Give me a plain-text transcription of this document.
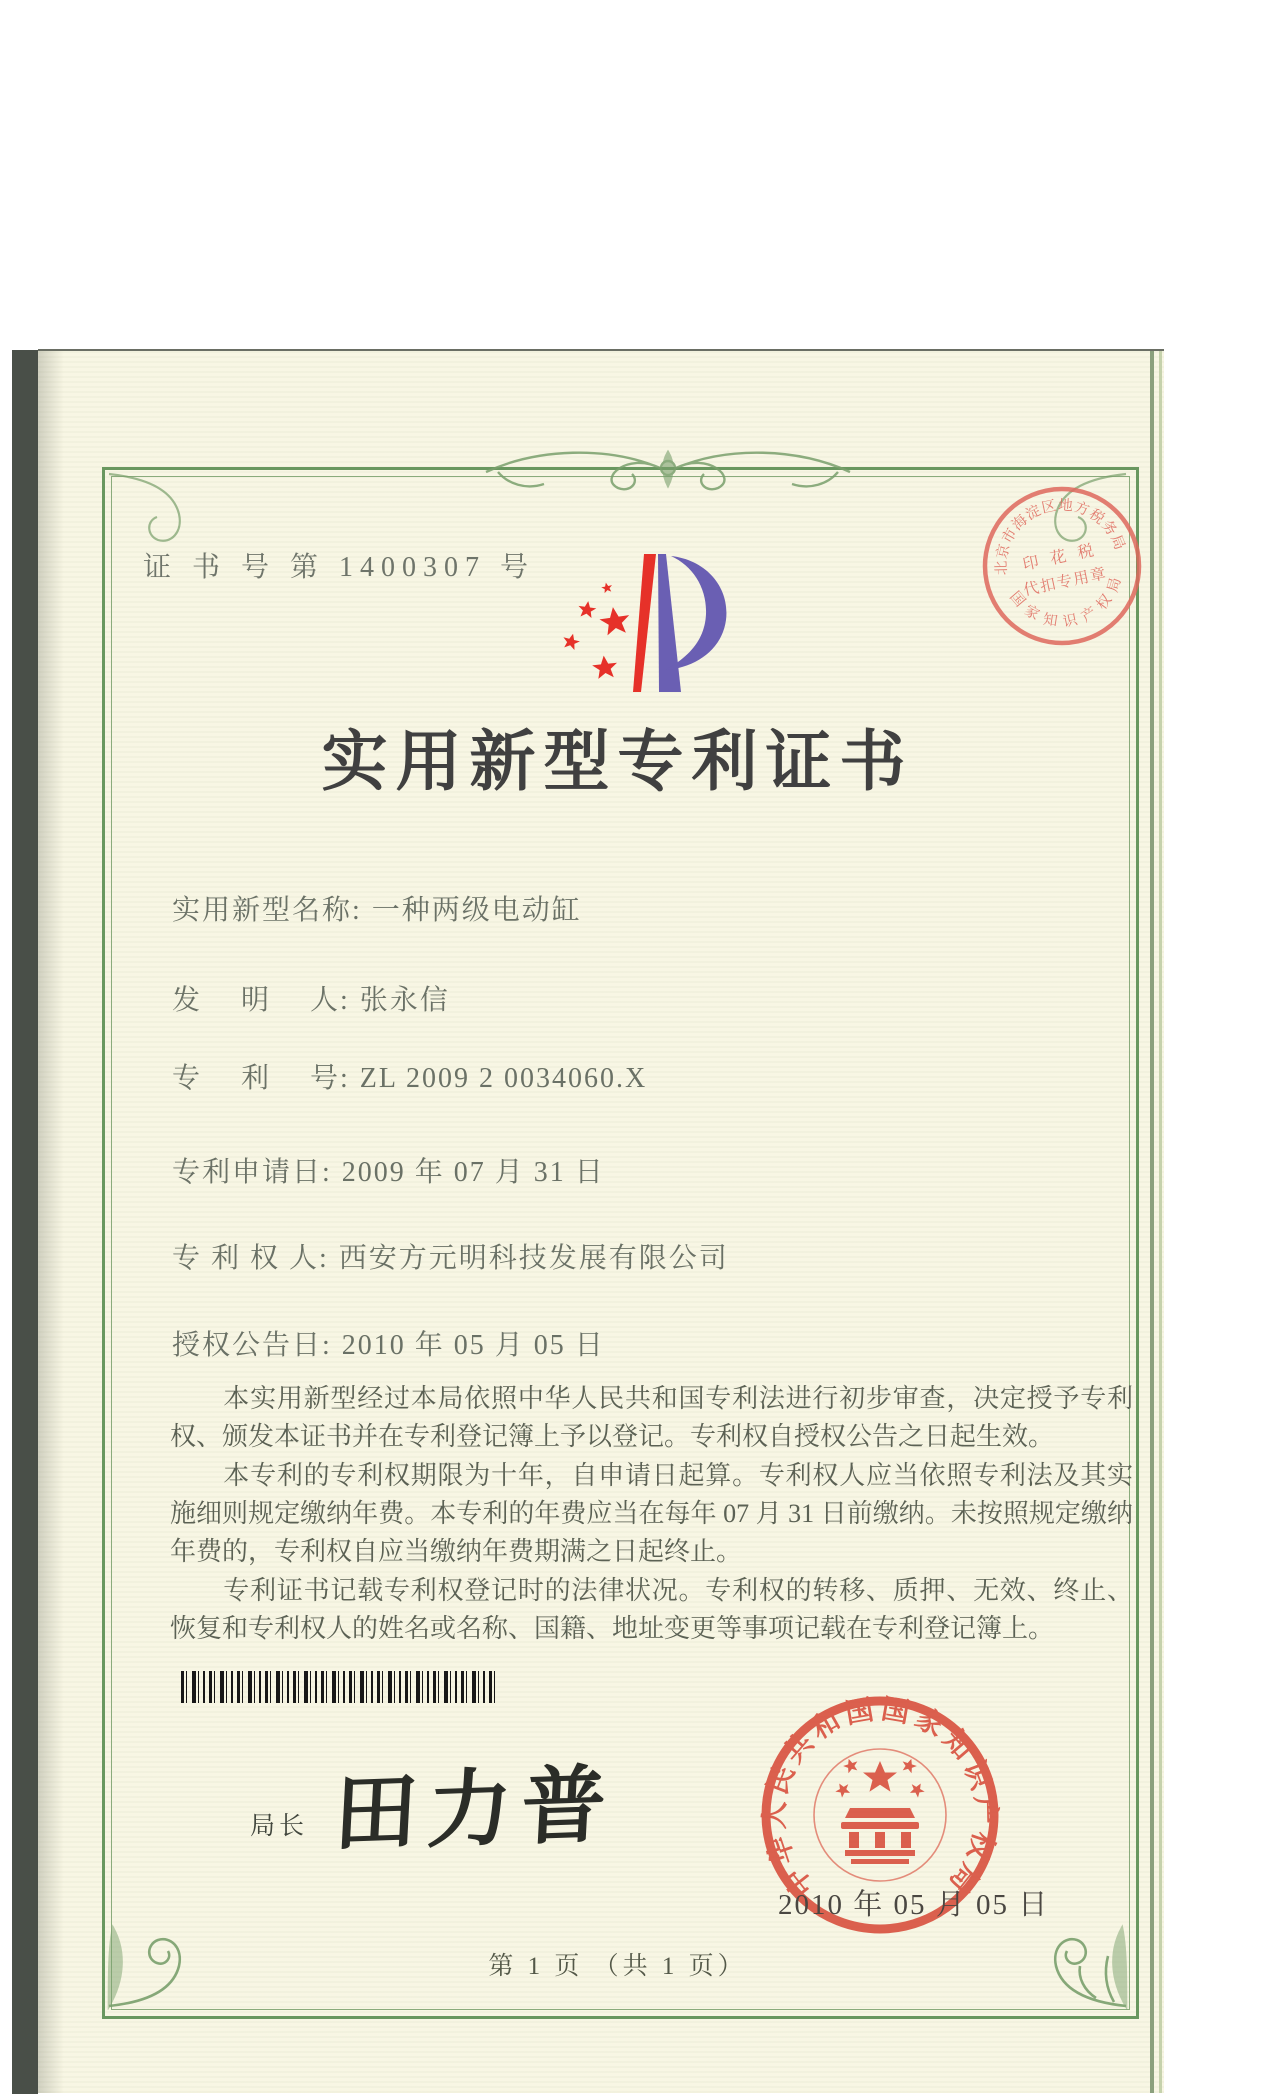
证 书 号 第 1400307 号
实用新型专利证书
实用新型名称: 一种两级电动缸
发　 明　 人: 张永信
专　 利　 号: ZL 2009 2 0034060.X
专利申请日: 2009 年 07 月 31 日
专 利 权 人: 西安方元明科技发展有限公司
授权公告日: 2010 年 05 月 05 日

本实用新型经过本局依照中华人民共和国专利法进行初步审查，决定授予专利权、颁发本证书并在专利登记簿上予以登记。专利权自授权公告之日起生效。

本专利的专利权期限为十年，自申请日起算。专利权人应当依照专利法及其实施细则规定缴纳年费。本专利的年费应当在每年 07 月 31 日前缴纳。未按照规定缴纳年费的，专利权自应当缴纳年费期满之日起终止。

专利证书记载专利权登记时的法律状况。专利权的转移、质押、无效、终止、恢复和专利权人的姓名或名称、国籍、地址变更等事项记载在专利登记簿上。

局长 田力普
中华人民共和国国家知识产权局
2010 年 05 月 05 日
北京市海淀区地方税务局
国家知识产权局
印 花 税
代扣专用章
第 1 页 （共 1 页）
